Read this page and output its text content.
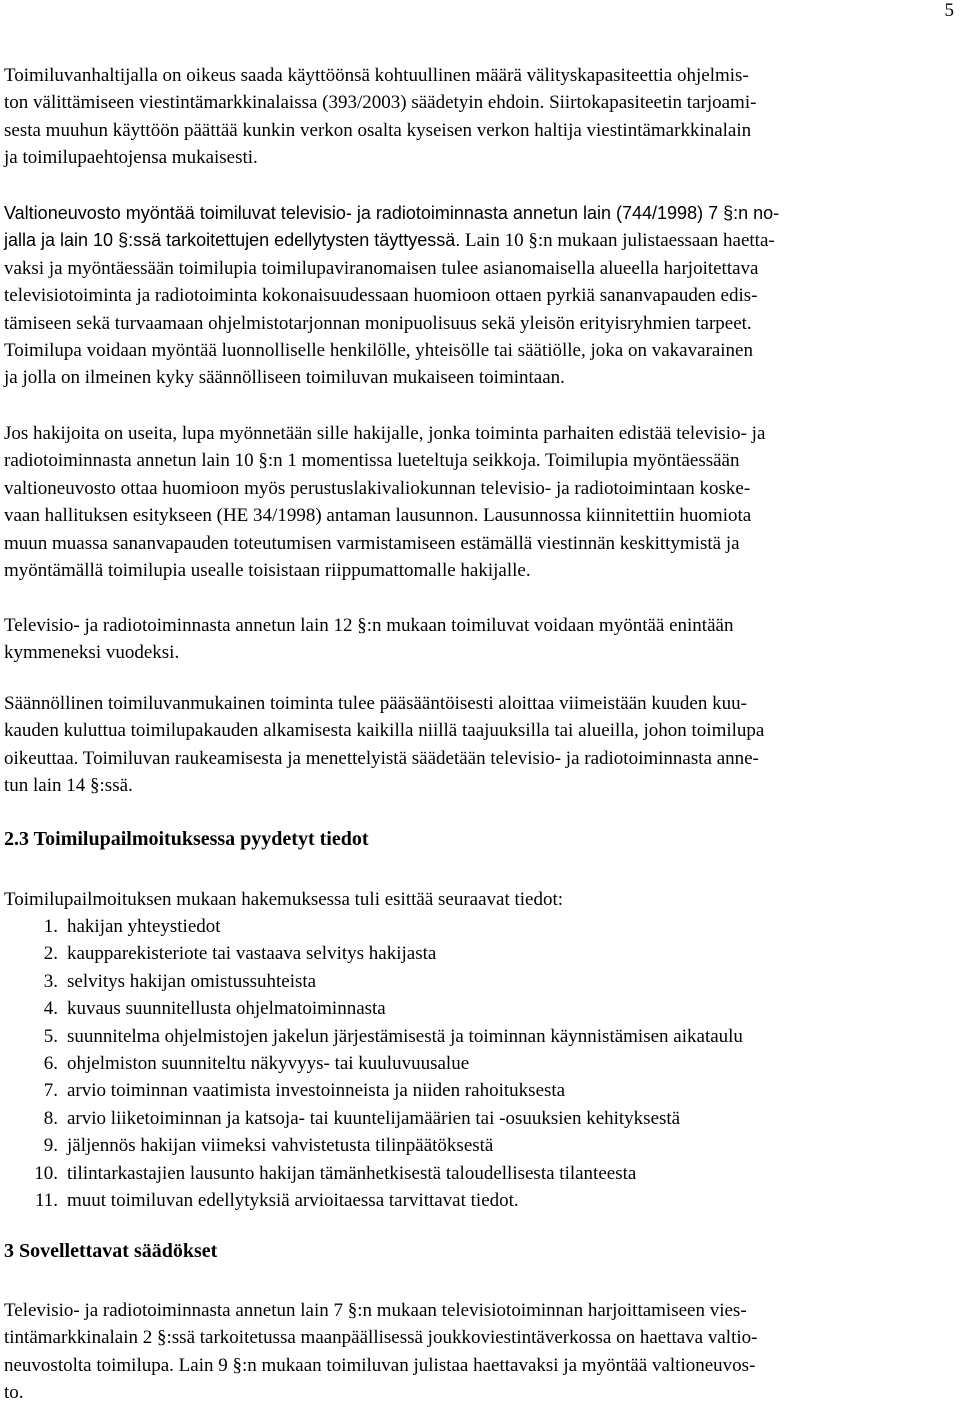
5
Toimiluvanhaltijalla on oikeus saada käyttöönsä kohtuullinen määrä välityskapasiteettia ohjelmis-
ton välittämiseen viestintämarkkinalaissa (393/2003) säädetyin ehdoin. Siirtokapasiteetin tarjoami-
sesta muuhun käyttöön päättää kunkin verkon osalta kyseisen verkon haltija viestintämarkkinalain
ja toimilupaehtojensa mukaisesti.
Valtioneuvosto myöntää toimiluvat televisio- ja radiotoiminnasta annetun lain (744/1998) 7 §:n no-
jalla ja lain 10 §:ssä tarkoitettujen edellytysten täyttyessä. Lain 10 §:n mukaan julistaessaan haetta-
vaksi ja myöntäessään toimilupia toimilupaviranomaisen tulee asianomaisella alueella harjoitettava
televisiotoiminta ja radiotoiminta kokonaisuudessaan huomioon ottaen pyrkiä sananvapauden edis-
tämiseen sekä turvaamaan ohjelmistotarjonnan monipuolisuus sekä yleisön erityisryhmien tarpeet.
Toimilupa voidaan myöntää luonnolliselle henkilölle, yhteisölle tai säätiölle, joka on vakavarainen
ja jolla on ilmeinen kyky säännölliseen toimiluvan mukaiseen toimintaan.
Jos hakijoita on useita, lupa myönnetään sille hakijalle, jonka toiminta parhaiten edistää televisio- ja
radiotoiminnasta annetun lain 10 §:n 1 momentissa lueteltuja seikkoja. Toimilupia myöntäessään
valtioneuvosto ottaa huomioon myös perustuslakivaliokunnan televisio- ja radiotoimintaan koske-
vaan hallituksen esitykseen (HE 34/1998) antaman lausunnon. Lausunnossa kiinnitettiin huomiota
muun muassa sananvapauden toteutumisen varmistamiseen estämällä viestinnän keskittymistä ja
myöntämällä toimilupia usealle toisistaan riippumattomalle hakijalle.
Televisio- ja radiotoiminnasta annetun lain 12 §:n mukaan toimiluvat voidaan myöntää enintään
kymmeneksi vuodeksi.
Säännöllinen toimiluvanmukainen toiminta tulee pääsääntöisesti aloittaa viimeistään kuuden kuu-
kauden kuluttua toimilupakauden alkamisesta kaikilla niillä taajuuksilla tai alueilla, johon toimilupa
oikeuttaa. Toimiluvan raukeamisesta ja menettelyistä säädetään televisio- ja radiotoiminnasta anne-
tun lain 14 §:ssä.
2.3 Toimilupailmoituksessa pyydetyt tiedot
Toimilupailmoituksen mukaan hakemuksessa tuli esittää seuraavat tiedot:
1. hakijan yhteystiedot
2. kaupparekisteriote tai vastaava selvitys hakijasta
3. selvitys hakijan omistussuhteista
4. kuvaus suunnitellusta ohjelmatoiminnasta
5. suunnitelma ohjelmistojen jakelun järjestämisestä ja toiminnan käynnistämisen aikataulu
6. ohjelmiston suunniteltu näkyvyys- tai kuuluvuusalue
7. arvio toiminnan vaatimista investoinneista ja niiden rahoituksesta
8. arvio liiketoiminnan ja katsoja- tai kuuntelijamäärien tai -osuuksien kehityksestä
9. jäljennös hakijan viimeksi vahvistetusta tilinpäätöksestä
10. tilintarkastajien lausunto hakijan tämänhetkisestä taloudellisesta tilanteesta
11. muut toimiluvan edellytyksiä arvioitaessa tarvittavat tiedot.
3 Sovellettavat säädökset
Televisio- ja radiotoiminnasta annetun lain 7 §:n mukaan televisiotoiminnan harjoittamiseen vies-
tintämarkkinalain 2 §:ssä tarkoitetussa maanpäällisessä joukkoviestintäverkossa on haettava valtio-
neuvostolta toimilupa. Lain 9 §:n mukaan toimiluvan julistaa haettavaksi ja myöntää valtioneuvos-
to.
